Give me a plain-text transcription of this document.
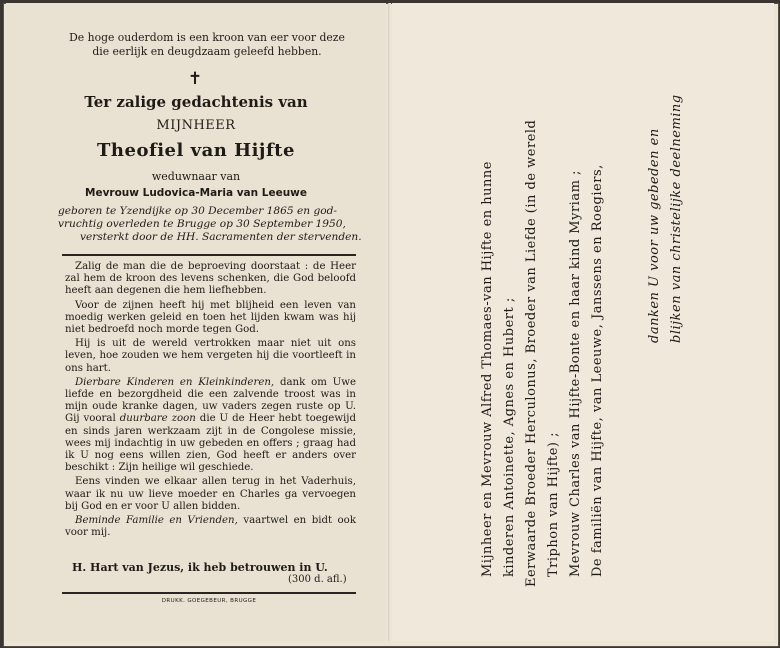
De hoge ouderdom is een kroon van eer voor deze
die eerlijk en deugdzaam geleefd hebben.
✝
Ter zalige gedachtenis van
MIJNHEER
Theofiel van Hijfte
weduwnaar van
Mevrouw Ludovica-Maria van Leeuwe
geboren te Yzendijke op 30 December 1865 en god-
vruchtig overleden te Brugge op 30 September 1950,
versterkt door de HH. Sacramenten der stervenden.

Zalig de man die de beproeving doorstaat : de Heer zal hem de kroon des levens schenken, die God beloofd heeft aan degenen die hem liefhebben.

Voor de zijnen heeft hij met blijheid een leven van moedig werken geleid en toen het lijden kwam was hij niet bedroefd noch morde tegen God.

Hij is uit de wereld vertrokken maar niet uit ons leven, hoe zouden we hem vergeten hij die voortleeft in ons hart.

Dierbare Kinderen en Kleinkinderen, dank om Uwe liefde en bezorgdheid die een zalvende troost was in mijn oude kranke dagen, uw vaders zegen ruste op U. Gij vooral duurbare zoon die U de Heer hebt toegewijd en sinds jaren werkzaam zijt in de Congolese missie, wees mij indachtig in uw gebeden en offers ; graag had ik U nog eens willen zien, God heeft er anders over beschikt : Zijn heilige wil geschiede.

Eens vinden we elkaar allen terug in het Vaderhuis, waar ik nu uw lieve moeder en Charles ga vervoegen bij God en er voor U allen bidden.

Beminde Familie en Vrienden, vaartwel en bidt ook voor mij.

H. Hart van Jezus, ik heb betrouwen in U.
(300 d. afl.)
DRUKK. GOEGEBEUR, BRUGGE
Mijnheer en Mevrouw Alfred Thomaes-van Hijfte en hunne kinderen Antoinette, Agnes en Hubert ; Eerwaarde Broeder Herculonus, Broeder van Liefde (in de wereld Triphon van Hijfte) ; Mevrouw Charles van Hijfte-Bonte en haar kind Myriam ; De familiën van Hijfte, van Leeuwe, Janssens en Roegiers,	danken U voor uw gebeden en blijken van christelijke deelneming
